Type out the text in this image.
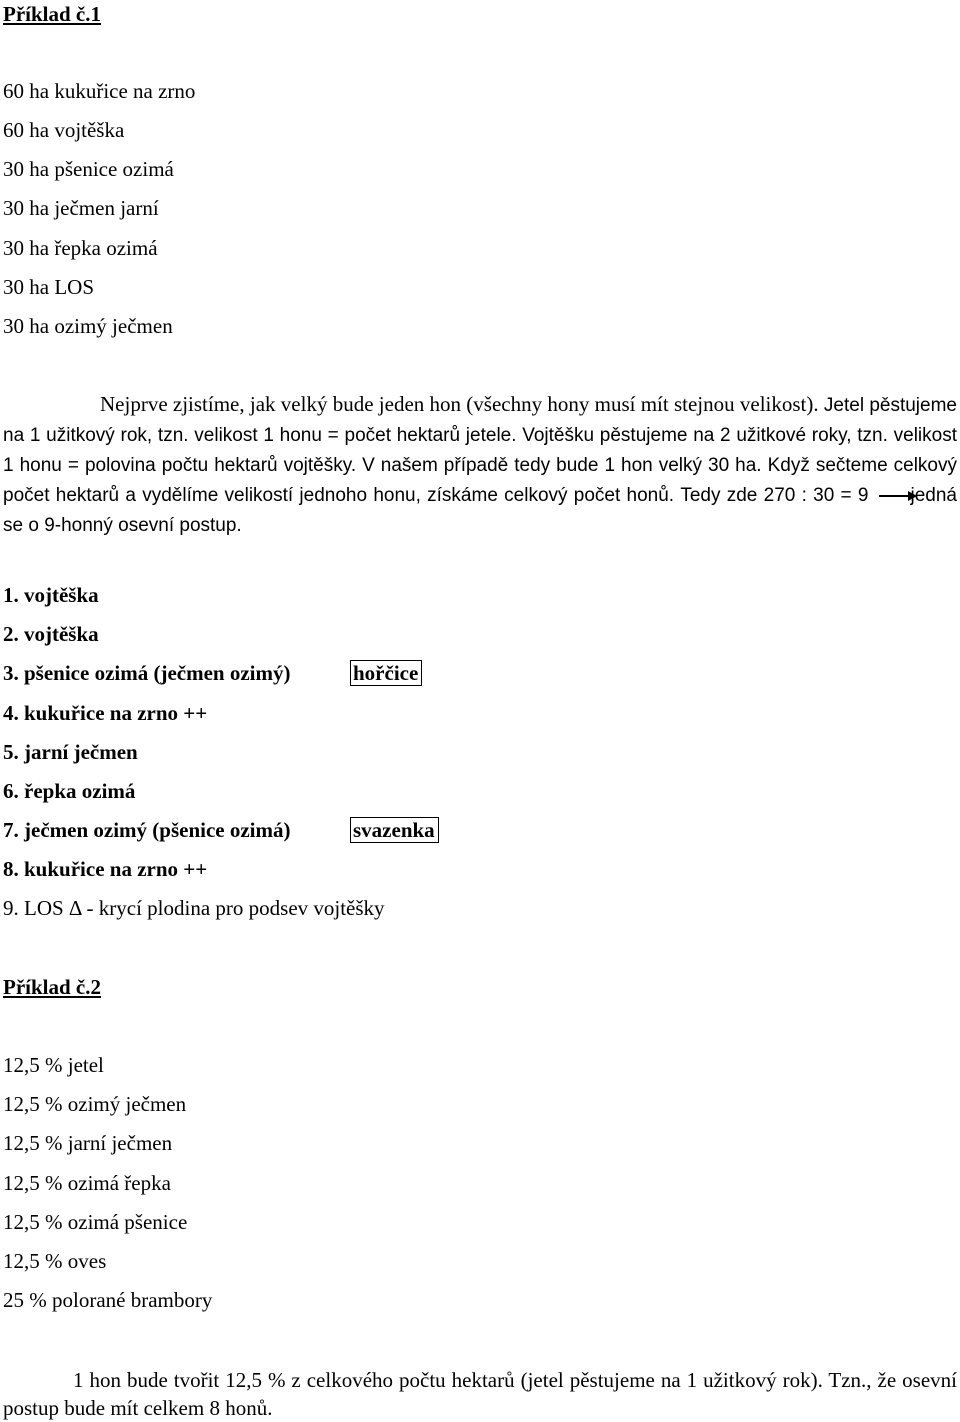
Příklad č.1
60 ha kukuřice na zrno
60 ha vojtěška
30 ha pšenice ozimá
30 ha ječmen jarní
30 ha řepka ozimá
30 ha LOS
30 ha ozimý ječmen
Nejprve zjistíme, jak velký bude jeden hon (všechny hony musí mít stejnou velikost). Jetel pěstujeme na 1 užitkový rok, tzn. velikost 1 honu = počet hektarů jetele. Vojtěšku pěstujeme na 2 užitkové roky, tzn. velikost 1 honu = polovina počtu hektarů vojtěšky. V našem případě tedy bude 1 hon velký 30 ha. Když sečteme celkový počet hektarů a vydělíme velikostí jednoho honu, získáme celkový počet honů. Tedy zde 270 : 30 = 9 jedná se o 9-honný osevní postup.
1. vojtěška
2. vojtěška
3. pšenice ozimá (ječmen ozimý)	hořčice
4. kukuřice na zrno ++
5. jarní ječmen
6. řepka ozimá
7. ječmen ozimý (pšenice ozimá)	svazenka
8. kukuřice na zrno ++
9. LOS Δ - krycí plodina pro podsev vojtěšky
Příklad č.2
12,5 % jetel
12,5 % ozimý ječmen
12,5 % jarní ječmen
12,5 % ozimá řepka
12,5 % ozimá pšenice
12,5 % oves
25 % polorané brambory
1 hon bude tvořit 12,5 % z celkového počtu hektarů (jetel pěstujeme na 1 užitkový rok). Tzn., že osevní postup bude mít celkem 8 honů.
